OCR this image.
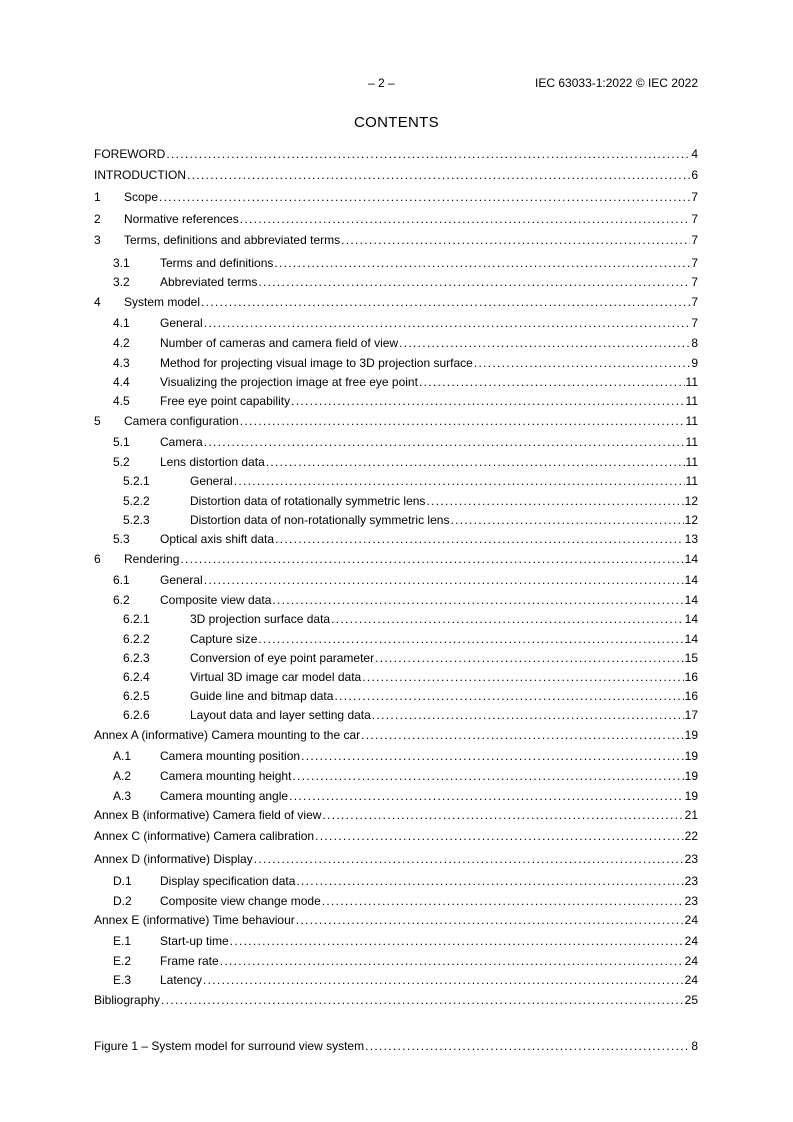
– 2 –	IEC 63033-1:2022 © IEC 2022
CONTENTS
FOREWORD .....	4
INTRODUCTION .....	6
1	Scope .....	7
2	Normative references .....	7
3	Terms, definitions and abbreviated terms .....	7
3.1	Terms and definitions .....	7
3.2	Abbreviated terms .....	7
4	System model .....	7
4.1	General .....	7
4.2	Number of cameras and camera field of view .....	8
4.3	Method for projecting visual image to 3D projection surface .....	9
4.4	Visualizing the projection image at free eye point .....	11
4.5	Free eye point capability .....	11
5	Camera configuration .....	11
5.1	Camera .....	11
5.2	Lens distortion data .....	11
5.2.1	General .....	11
5.2.2	Distortion data of rotationally symmetric lens .....	12
5.2.3	Distortion data of non-rotationally symmetric lens .....	12
5.3	Optical axis shift data .....	13
6	Rendering .....	14
6.1	General .....	14
6.2	Composite view data .....	14
6.2.1	3D projection surface data .....	14
6.2.2	Capture size .....	14
6.2.3	Conversion of eye point parameter .....	15
6.2.4	Virtual 3D image car model data .....	16
6.2.5	Guide line and bitmap data .....	16
6.2.6	Layout data and layer setting data .....	17
Annex A (informative) Camera mounting to the car .....	19
A.1	Camera mounting position .....	19
A.2	Camera mounting height .....	19
A.3	Camera mounting angle .....	19
Annex B (informative) Camera field of view .....	21
Annex C (informative) Camera calibration .....	22
Annex D (informative) Display .....	23
D.1	Display specification data .....	23
D.2	Composite view change mode .....	23
Annex E (informative) Time behaviour .....	24
E.1	Start-up time .....	24
E.2	Frame rate .....	24
E.3	Latency .....	24
Bibliography .....	25
Figure 1 – System model for surround view system .....	8
